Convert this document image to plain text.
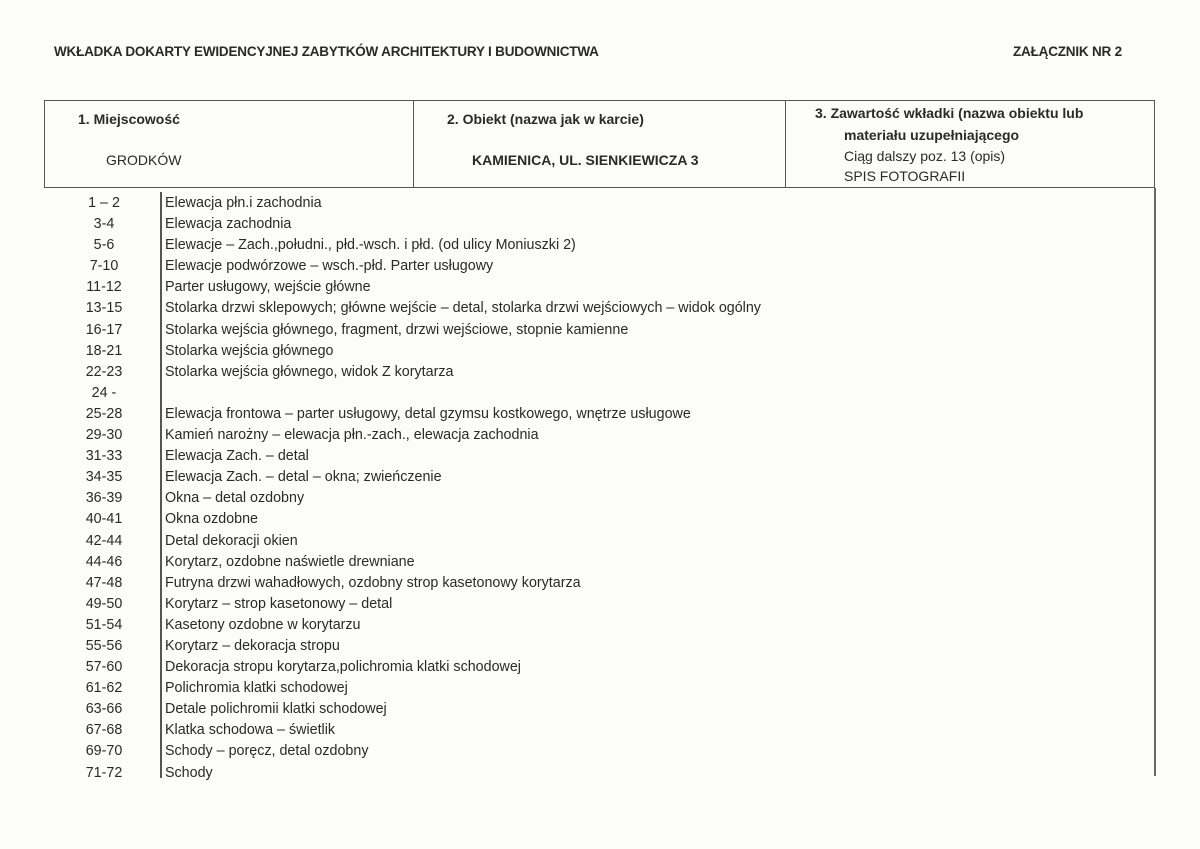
WKŁADKA DOKARTY EWIDENCYJNEJ ZABYTKÓW ARCHITEKTURY I BUDOWNICTWA	ZAŁĄCZNIK NR 2
1. Miejscowość
GRODKÓW
2. Obiekt (nazwa jak w karcie)
KAMIENICA, UL. SIENKIEWICZA 3
3. Zawartość wkładki (nazwa obiektu lub
materiału uzupełniającego
Ciąg dalszy poz. 13 (opis)
SPIS FOTOGRAFII
1 – 2	Elewacja płn.i zachodnia
3-4	Elewacja zachodnia
5-6	Elewacje – Zach.,południ., płd.-wsch. i płd. (od ulicy Moniuszki 2)
7-10	Elewacje podwórzowe – wsch.-płd. Parter usługowy
11-12	Parter usługowy, wejście główne
13-15	Stolarka drzwi sklepowych; główne wejście – detal, stolarka drzwi wejściowych – widok ogólny
16-17	Stolarka wejścia głównego, fragment, drzwi wejściowe, stopnie kamienne
18-21	Stolarka wejścia głównego
22-23	Stolarka wejścia głównego, widok Z korytarza
24 -
25-28	Elewacja frontowa – parter usługowy, detal gzymsu kostkowego, wnętrze usługowe
29-30	Kamień narożny – elewacja płn.-zach., elewacja zachodnia
31-33	Elewacja Zach. – detal
34-35	Elewacja Zach. – detal – okna; zwieńczenie
36-39	Okna – detal ozdobny
40-41	Okna ozdobne
42-44	Detal dekoracji okien
44-46	Korytarz, ozdobne naświetle drewniane
47-48	Futryna drzwi wahadłowych, ozdobny strop kasetonowy korytarza
49-50	Korytarz – strop kasetonowy – detal
51-54	Kasetony ozdobne w korytarzu
55-56	Korytarz – dekoracja stropu
57-60	Dekoracja stropu korytarza,polichromia klatki schodowej
61-62	Polichromia klatki schodowej
63-66	Detale polichromii klatki schodowej
67-68	Klatka schodowa – świetlik
69-70	Schody – poręcz, detal ozdobny
71-72	Schody
